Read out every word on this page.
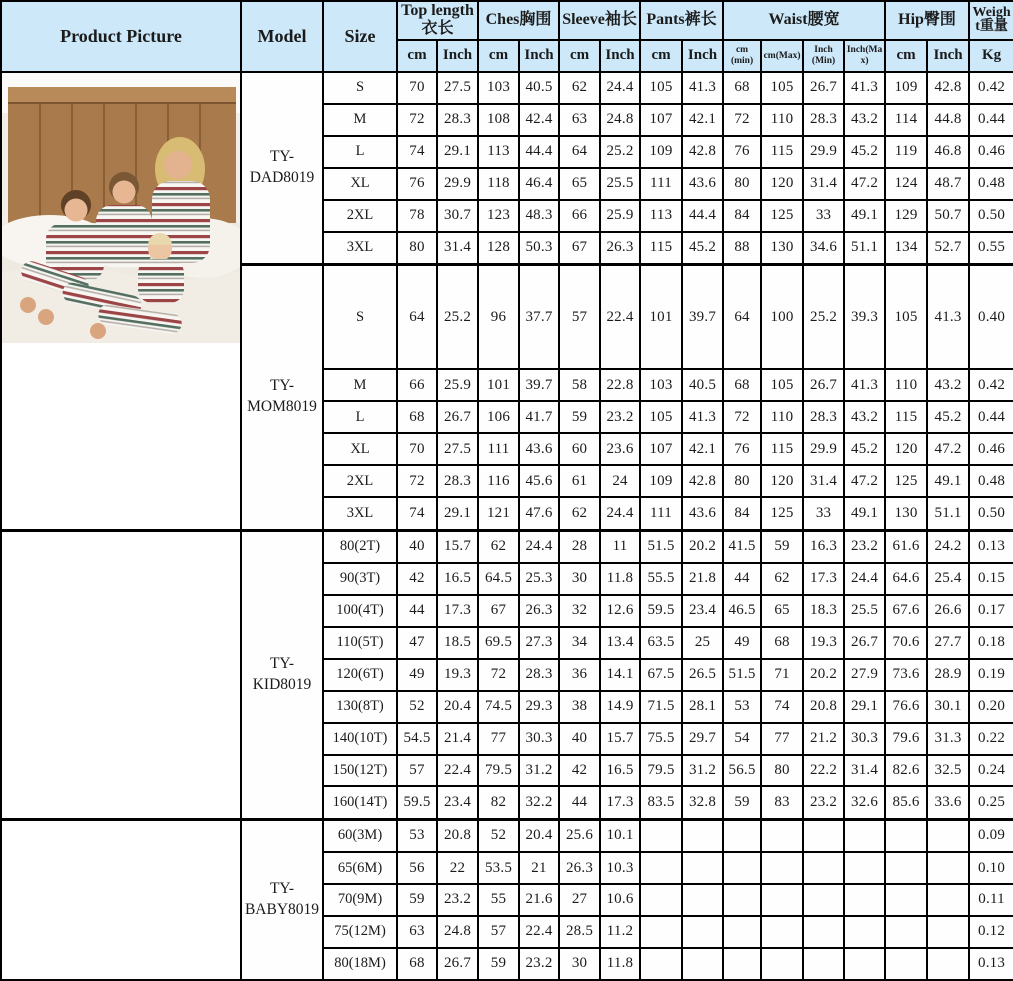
Product Picture	Model	Size	Top length衣长		Ches胸围		Sleeve袖长		Pants裤长		Waist腰宽				Hip臀围		Weight重量
			cm	Inch	cm	Inch	cm	Inch	cm	Inch	cm (min)	cm(Max)	Inch (Min)	Inch(Max)	cm	Inch	Kg

	TY-DAD8019	S	70	27.5	103	40.5	62	24.4	105	41.3	68	105	26.7	41.3	109	42.8	0.42
		M	72	28.3	108	42.4	63	24.8	107	42.1	72	110	28.3	43.2	114	44.8	0.44
		L	74	29.1	113	44.4	64	25.2	109	42.8	76	115	29.9	45.2	119	46.8	0.46
		XL	76	29.9	118	46.4	65	25.5	111	43.6	80	120	31.4	47.2	124	48.7	0.48
		2XL	78	30.7	123	48.3	66	25.9	113	44.4	84	125	33	49.1	129	50.7	0.50
		3XL	80	31.4	128	50.3	67	26.3	115	45.2	88	130	34.6	51.1	134	52.7	0.55
	TY-MOM8019	S	64	25.2	96	37.7	57	22.4	101	39.7	64	100	25.2	39.3	105	41.3	0.40
		M	66	25.9	101	39.7	58	22.8	103	40.5	68	105	26.7	41.3	110	43.2	0.42
		L	68	26.7	106	41.7	59	23.2	105	41.3	72	110	28.3	43.2	115	45.2	0.44
		XL	70	27.5	111	43.6	60	23.6	107	42.1	76	115	29.9	45.2	120	47.2	0.46
		2XL	72	28.3	116	45.6	61	24	109	42.8	80	120	31.4	47.2	125	49.1	0.48
		3XL	74	29.1	121	47.6	62	24.4	111	43.6	84	125	33	49.1	130	51.1	0.50
	TY-KID8019	80(2T)	40	15.7	62	24.4	28	11	51.5	20.2	41.5	59	16.3	23.2	61.6	24.2	0.13
		90(3T)	42	16.5	64.5	25.3	30	11.8	55.5	21.8	44	62	17.3	24.4	64.6	25.4	0.15
		100(4T)	44	17.3	67	26.3	32	12.6	59.5	23.4	46.5	65	18.3	25.5	67.6	26.6	0.17
		110(5T)	47	18.5	69.5	27.3	34	13.4	63.5	25	49	68	19.3	26.7	70.6	27.7	0.18
		120(6T)	49	19.3	72	28.3	36	14.1	67.5	26.5	51.5	71	20.2	27.9	73.6	28.9	0.19
		130(8T)	52	20.4	74.5	29.3	38	14.9	71.5	28.1	53	74	20.8	29.1	76.6	30.1	0.20
		140(10T)	54.5	21.4	77	30.3	40	15.7	75.5	29.7	54	77	21.2	30.3	79.6	31.3	0.22
		150(12T)	57	22.4	79.5	31.2	42	16.5	79.5	31.2	56.5	80	22.2	31.4	82.6	32.5	0.24
		160(14T)	59.5	23.4	82	32.2	44	17.3	83.5	32.8	59	83	23.2	32.6	85.6	33.6	0.25
	TY-BABY8019	60(3M)	53	20.8	52	20.4	25.6	10.1									0.09
		65(6M)	56	22	53.5	21	26.3	10.3									0.10
		70(9M)	59	23.2	55	21.6	27	10.6									0.11
		75(12M)	63	24.8	57	22.4	28.5	11.2									0.12
		80(18M)	68	26.7	59	23.2	30	11.8									0.13
